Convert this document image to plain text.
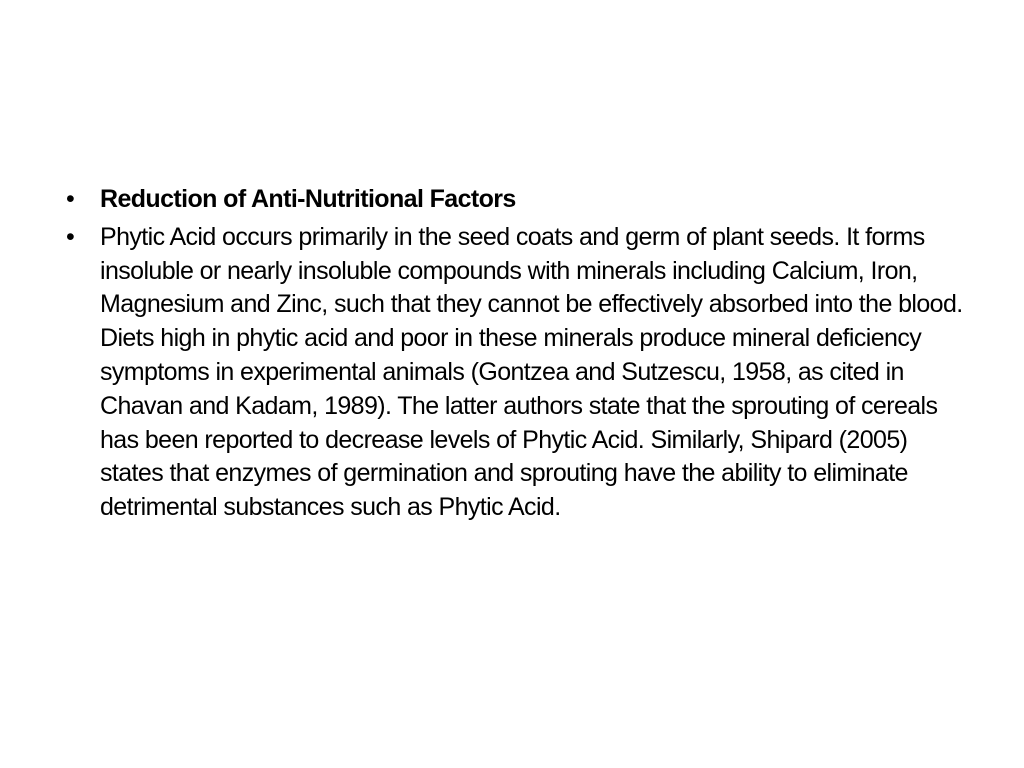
•	Reduction of Anti-Nutritional Factors
•	Phytic Acid occurs primarily in the seed coats and germ of plant seeds. It forms insoluble or nearly insoluble compounds with minerals including Calcium, Iron, Magnesium and Zinc, such that they cannot be effectively absorbed into the blood. Diets high in phytic acid and poor in these minerals produce mineral deficiency symptoms in experimental animals (Gontzea and Sutzescu, 1958, as cited in Chavan and Kadam, 1989). The latter authors state that the sprouting of cereals has been reported to decrease levels of Phytic Acid. Similarly, Shipard (2005) states that enzymes of germination and sprouting have the ability to eliminate detrimental substances such as Phytic Acid.
